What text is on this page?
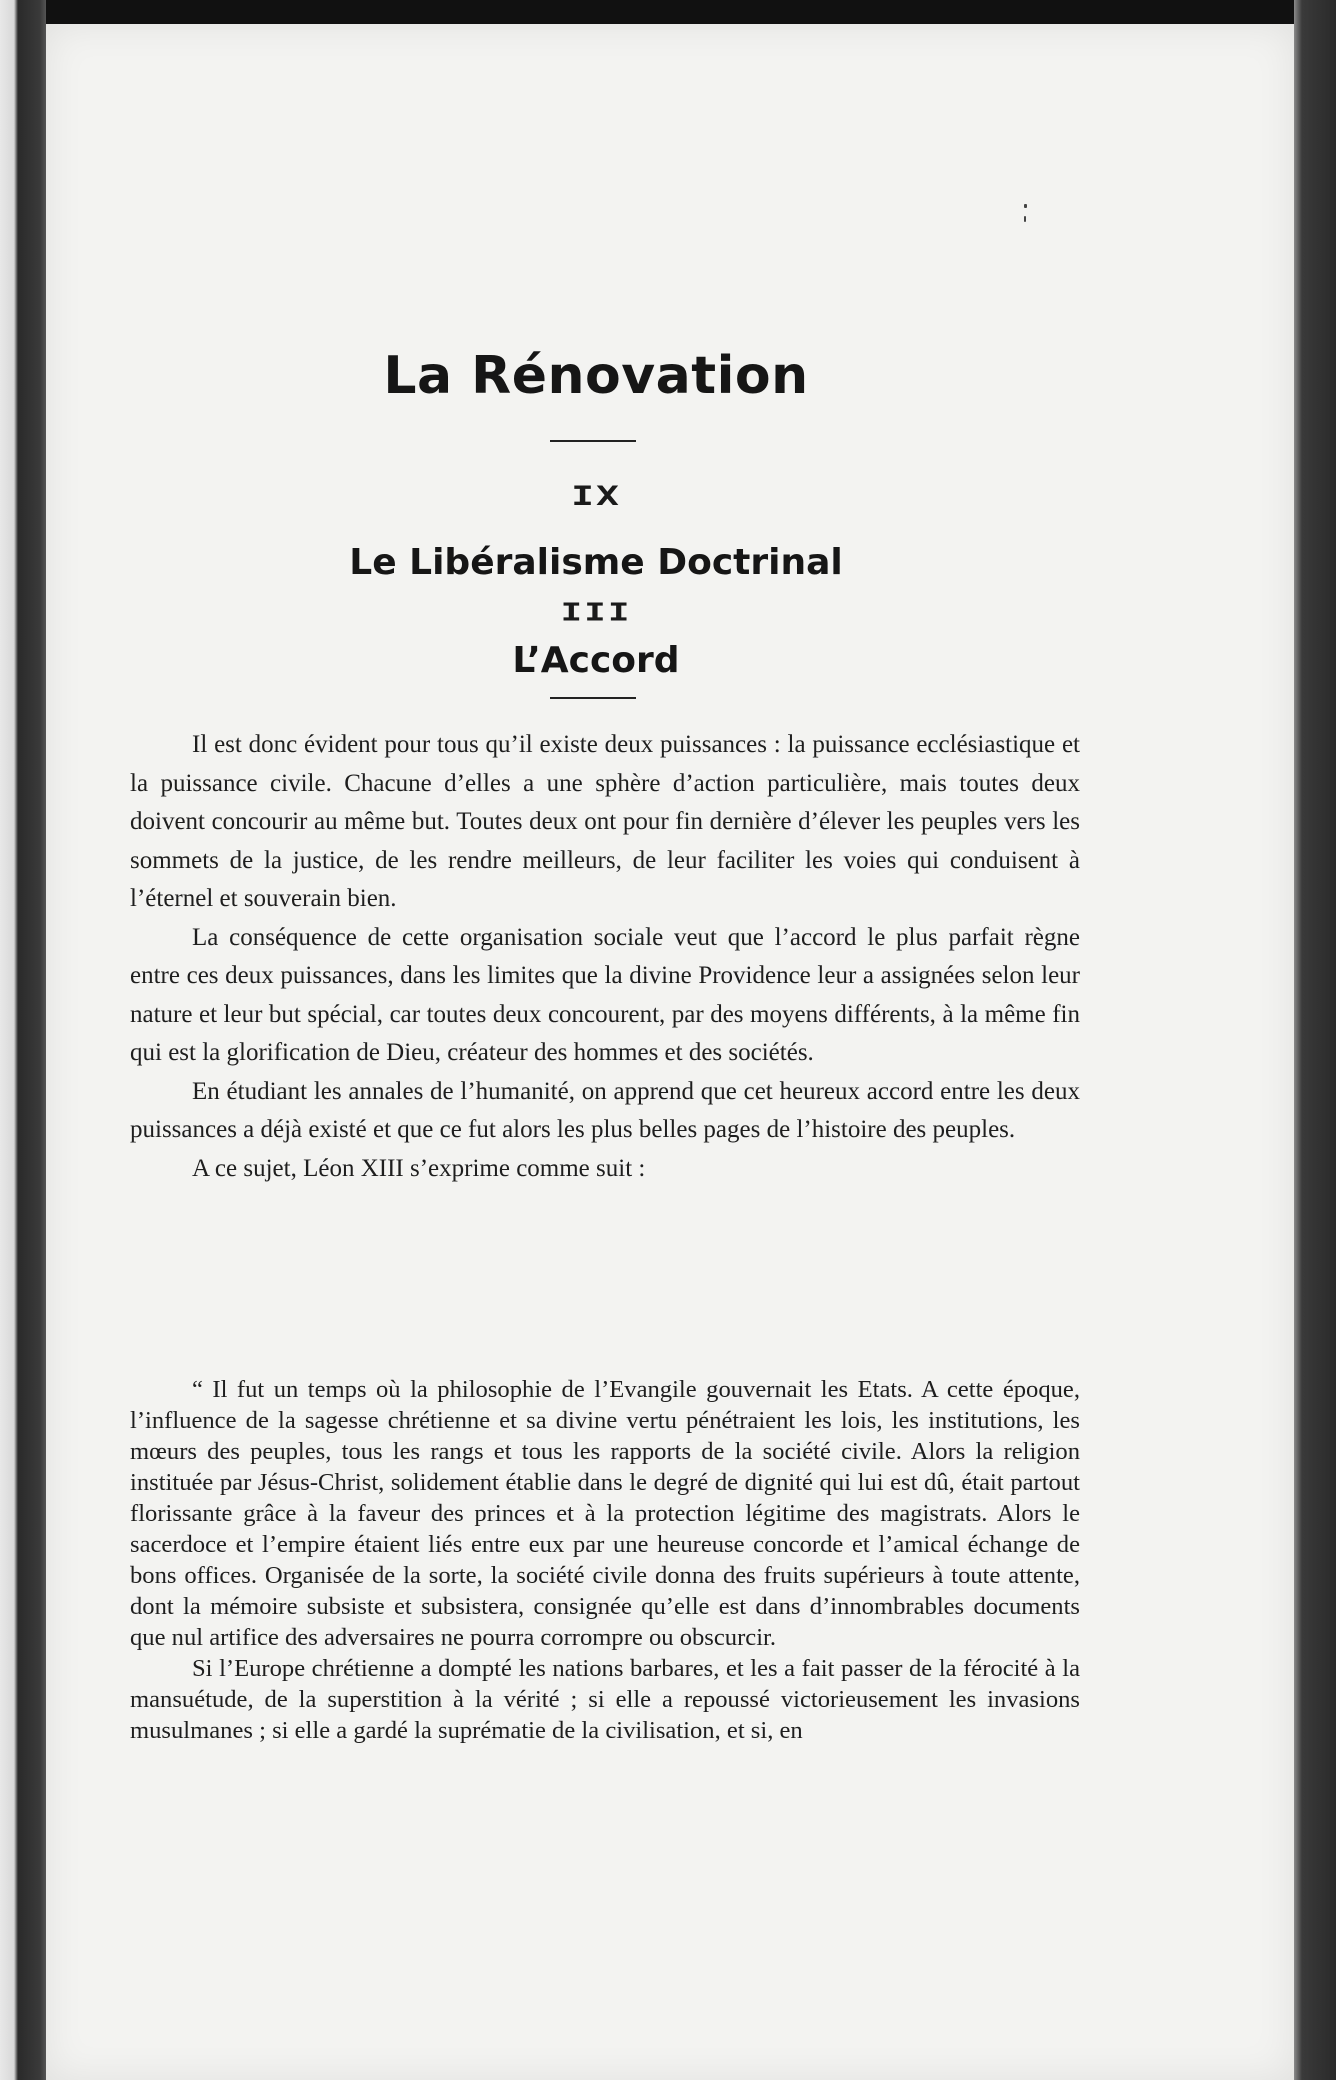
La Rénovation
IX
Le Libéralisme Doctrinal
III
L’Accord

Il est donc évident pour tous qu’il existe deux puissances : la puissance ecclésiastique et la puissance civile. Chacune d’elles a une sphère d’action particulière, mais toutes deux doivent concourir au même but. Toutes deux ont pour fin dernière d’élever les peuples vers les sommets de la justice, de les rendre meilleurs, de leur faciliter les voies qui conduisent à l’éternel et souverain bien.

La conséquence de cette organisation sociale veut que l’accord le plus parfait règne entre ces deux puissances, dans les limites que la divine Providence leur a assignées selon leur nature et leur but spécial, car toutes deux concourent, par des moyens différents, à la même fin qui est la glorification de Dieu, créateur des hommes et des sociétés.

En étudiant les annales de l’humanité, on apprend que cet heureux accord entre les deux puissances a déjà existé et que ce fut alors les plus belles pages de l’histoire des peuples.

A ce sujet, Léon XIII s’exprime comme suit :

“ Il fut un temps où la philosophie de l’Evangile gouvernait les Etats. A cette époque, l’influence de la sagesse chrétienne et sa divine vertu pénétraient les lois, les institutions, les mœurs des peuples, tous les rangs et tous les rapports de la société civile. Alors la religion instituée par Jésus-Christ, solidement établie dans le degré de dignité qui lui est dû, était partout florissante grâce à la faveur des princes et à la protection légitime des magistrats. Alors le sacerdoce et l’empire étaient liés entre eux par une heureuse concorde et l’amical échange de bons offices. Organisée de la sorte, la société civile donna des fruits supérieurs à toute attente, dont la mémoire subsiste et subsistera, consignée qu’elle est dans d’innombrables documents que nul artifice des adversaires ne pourra corrompre ou obscurcir.

Si l’Europe chrétienne a dompté les nations barbares, et les a fait passer de la férocité à la mansuétude, de la superstition à la vérité ; si elle a repoussé victorieusement les invasions musulmanes ; si elle a gardé la suprématie de la civilisation, et si, en
